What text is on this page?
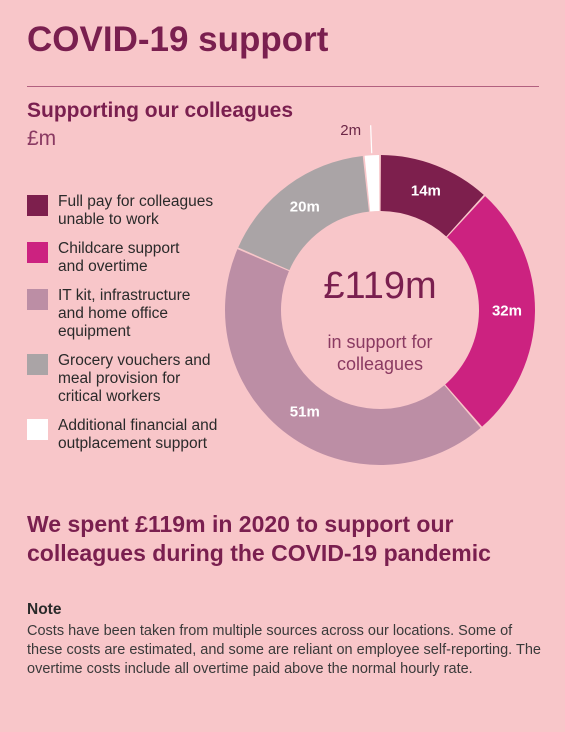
COVID-19 support
Supporting our colleagues
£m
Full pay for colleagues
unable to work
Childcare support
and overtime
IT kit, infrastructure
and home office
equipment
Grocery vouchers and
meal provision for
critical workers
Additional financial and
outplacement support
14m
32m
51m
20m
2m
£119m
in support for
colleagues
We spent £119m in 2020 to support our colleagues during the COVID-19 pandemic
Note
Costs have been taken from multiple sources across our locations. Some of these costs are estimated, and some are reliant on employee self-reporting. The overtime costs include all overtime paid above the normal hourly rate.
